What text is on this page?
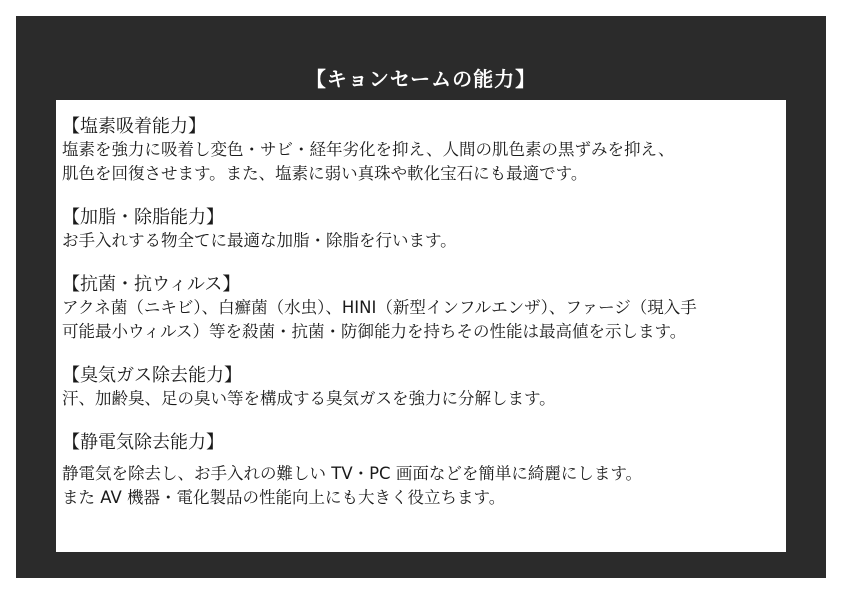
【キョンセームの能力】
【塩素吸着能力】
塩素を強力に吸着し変色・サビ・経年劣化を抑え、人間の肌色素の黒ずみを抑え、
肌色を回復させます。また、塩素に弱い真珠や軟化宝石にも最適です。
【加脂・除脂能力】
お手入れする物全てに最適な加脂・除脂を行います。
【抗菌・抗ウィルス】
アクネ菌（ニキビ）、白癬菌（水虫）、HINI（新型インフルエンザ）、ファージ（現入手
可能最小ウィルス）等を殺菌・抗菌・防御能力を持ちその性能は最高値を示します。
【臭気ガス除去能力】
汗、加齢臭、足の臭い等を構成する臭気ガスを強力に分解します。
【静電気除去能力】
静電気を除去し、お手入れの難しい TV・PC 画面などを簡単に綺麗にします。
また AV 機器・電化製品の性能向上にも大きく役立ちます。
